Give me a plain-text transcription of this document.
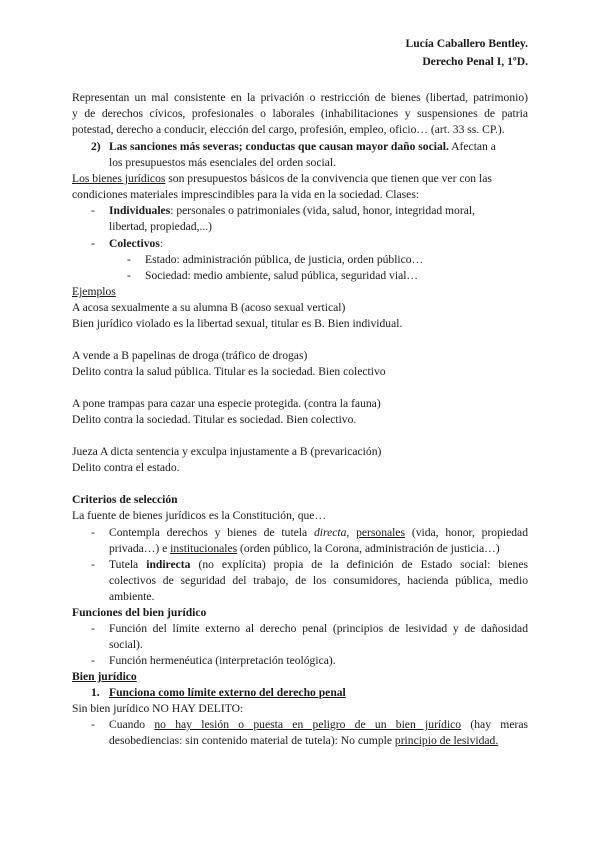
Lucía Caballero Bentley.
Derecho Penal I, 1ºD.
Representan un mal consistente en la privación o restricción de bienes (libertad, patrimonio)
y de derechos cívicos, profesionales o laborales (inhabilitaciones y suspensiones de patria
potestad, derecho a conducir, elección del cargo, profesión, empleo, oficio… (art. 33 ss. CP.).
2) Las sanciones más severas; conductas que causan mayor daño social. Afectan a
los presupuestos más esenciales del orden social.
Los bienes jurídicos son presupuestos básicos de la convivencia que tienen que ver con las
condiciones materiales imprescindibles para la vida en la sociedad. Clases:
-	Individuales: personales o patrimoniales (vida, salud, honor, integridad moral,
libertad, propiedad,...)
-	Colectivos:
-	Estado: administración pública, de justicia, orden público…
-	Sociedad: medio ambiente, salud pública, seguridad vial…
Ejemplos
A acosa sexualmente a su alumna B (acoso sexual vertical)
Bien jurídico violado es la libertad sexual, titular es B. Bien individual.
A vende a B papelinas de droga (tráfico de drogas)
Delito contra la salud pública. Titular es la sociedad. Bien colectivo
A pone trampas para cazar una especie protegida. (contra la fauna)
Delito contra la sociedad. Titular es sociedad. Bien colectivo.
Jueza A dicta sentencia y exculpa injustamente a B (prevaricación)
Delito contra el estado.
Criterios de selección
La fuente de bienes jurídicos es la Constitución, que…
-	Contempla derechos y bienes de tutela directa, personales (vida, honor, propiedad
privada…) e institucionales (orden público, la Corona, administración de justicia…)
-	Tutela indirecta (no explícita) propia de la definición de Estado social: bienes
colectivos de seguridad del trabajo, de los consumidores, hacienda pública, medio
ambiente.
Funciones del bien jurídico
-	Función del límite externo al derecho penal (principios de lesividad y de dañosidad
social).
-	Función hermenéutica (interpretación teológica).
Bien jurídico
1. Funciona como límite externo del derecho penal
Sin bien jurídico NO HAY DELITO:
-	Cuando no hay lesión o puesta en peligro de un bien jurídico (hay meras
desobediencias: sin contenido material de tutela): No cumple principio de lesividad.
